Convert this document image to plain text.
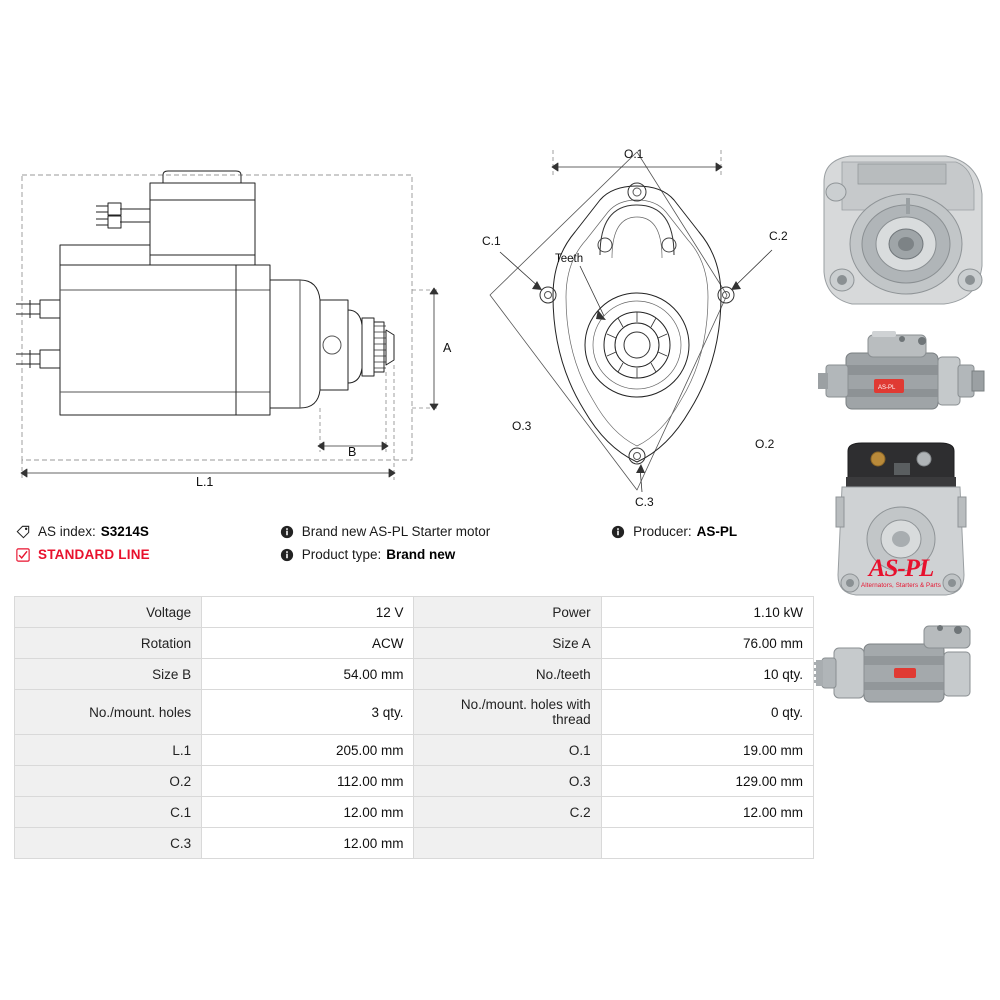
A
B
L.1
O.1
O.3
O.2
C.1	C.2
C.3
Teeth
AS-PL
AS index: S3214S	Brand new AS-PL Starter motor	Producer: AS-PL
STANDARD LINE	Product type: Brand new
AS-PL
Alternators, Starters & Parts
Voltage	12 V	Power	1.10 kW
Rotation	ACW	Size A	76.00 mm
Size B	54.00 mm	No./teeth	10 qty.
No./mount. holes	3 qty.	No./mount. holes with thread	0 qty.
L.1	205.00 mm	O.1	19.00 mm
O.2	112.00 mm	O.3	129.00 mm
C.1	12.00 mm	C.2	12.00 mm
C.3	12.00 mm		
